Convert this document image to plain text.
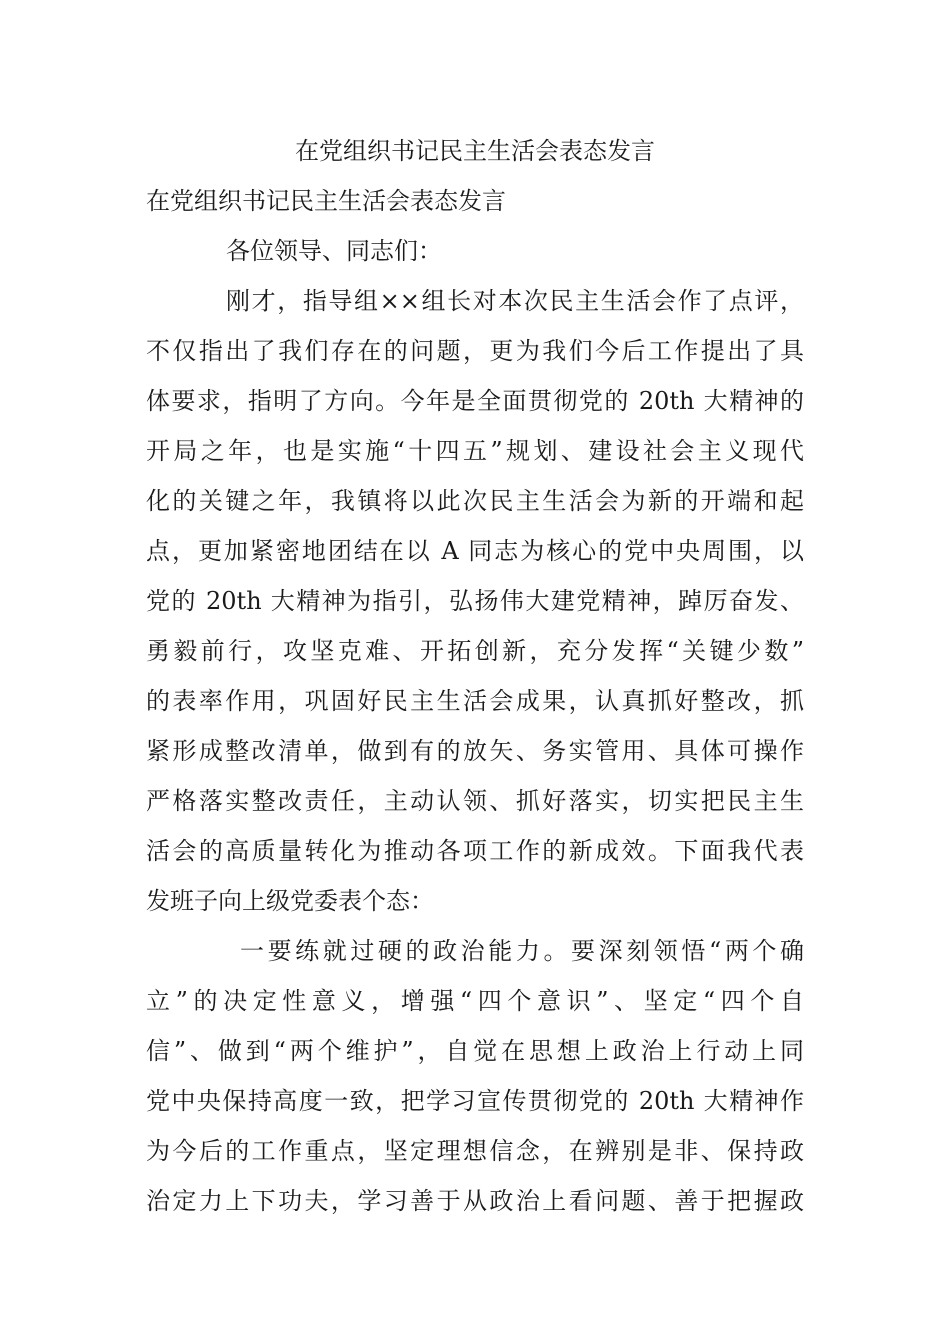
在党组织书记民主生活会表态发言
在党组织书记民主生活会表态发言
各位领导、同志们：
刚才，指导组××组长对本次民主生活会作了点评，
不仅指出了我们存在的问题，更为我们今后工作提出了具
体要求，指明了方向。今年是全面贯彻党的 20th 大精神的
开局之年，也是实施“十四五”规划、建设社会主义现代
化的关键之年，我镇将以此次民主生活会为新的开端和起
点，更加紧密地团结在以 A 同志为核心的党中央周围，以
党的 20th 大精神为指引，弘扬伟大建党精神，踔厉奋发、
勇毅前行，攻坚克难、开拓创新，充分发挥“关键少数”
的表率作用，巩固好民主生活会成果，认真抓好整改，抓
紧形成整改清单，做到有的放矢、务实管用、具体可操作
严格落实整改责任，主动认领、抓好落实，切实把民主生
活会的高质量转化为推动各项工作的新成效。下面我代表
发班子向上级党委表个态：
一要练就过硬的政治能力。要深刻领悟“两个确
立”的决定性意义，增强“四个意识”、坚定“四个自
信”、做到“两个维护”，自觉在思想上政治上行动上同
党中央保持高度一致，把学习宣传贯彻党的 20th 大精神作
为今后的工作重点，坚定理想信念，在辨别是非、保持政
治定力上下功夫，学习善于从政治上看问题、善于把握政
